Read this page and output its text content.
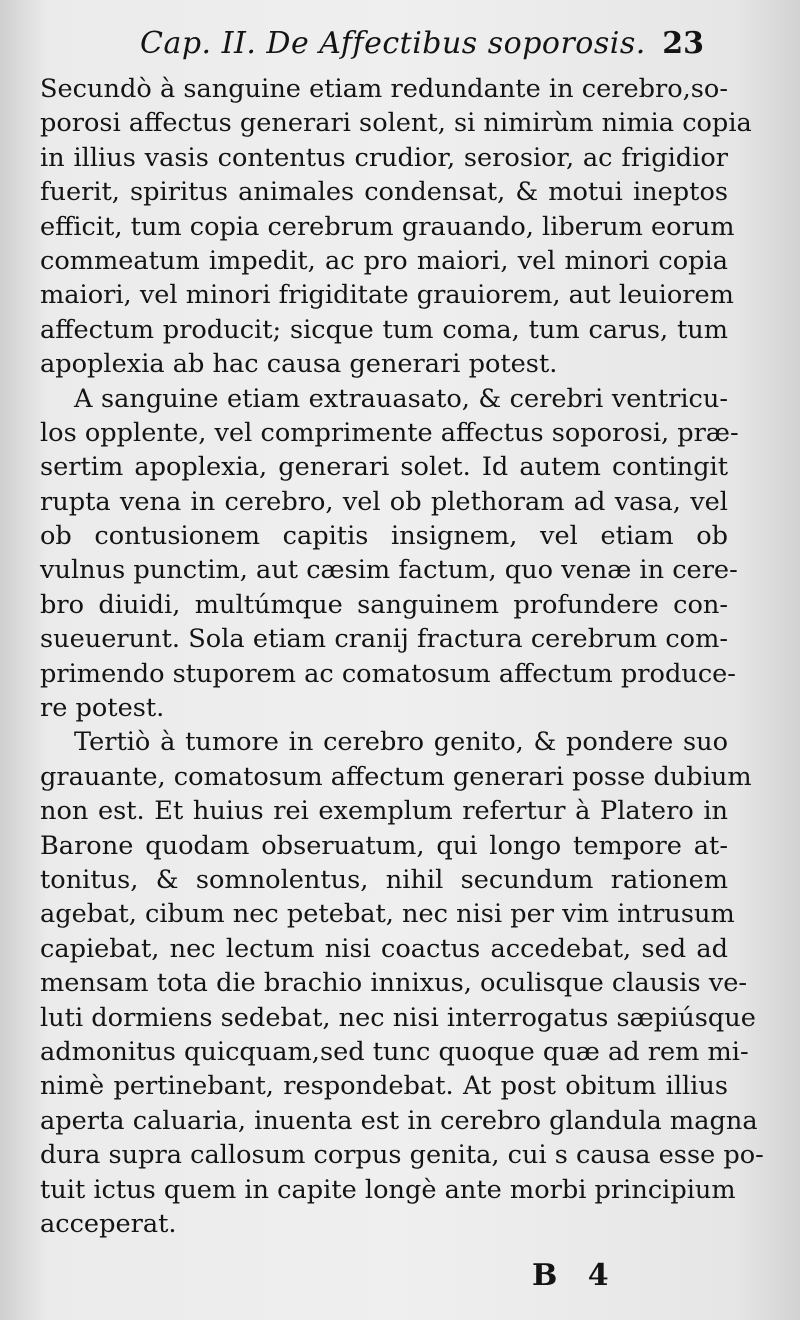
Cap. II. De Affectibus soporosis. 23
Secundò à sanguine etiam redundante in cerebro,so-
porosi affectus generari solent, si nimirùm nimia copia
in illius vasis contentus crudior, serosior, ac frigidior
fuerit, spiritus animales condensat, & motui ineptos
efficit, tum copia cerebrum grauando, liberum eorum
commeatum impedit, ac pro maiori, vel minori copia
maiori, vel minori frigiditate grauiorem, aut leuiorem
affectum producit; sicque tum coma, tum carus, tum
apoplexia ab hac causa generari potest.
A sanguine etiam extrauasato, & cerebri ventricu-
los opplente, vel comprimente affectus soporosi, præ-
sertim apoplexia, generari solet. Id autem contingit
rupta vena in cerebro, vel ob plethoram ad vasa, vel
ob contusionem capitis insignem, vel etiam ob
vulnus punctim, aut cæsim factum, quo venæ in cere-
bro diuidi, multúmque sanguinem profundere con-
sueuerunt. Sola etiam cranij fractura cerebrum com-
primendo stuporem ac comatosum affectum produce-
re potest.
Tertiò à tumore in cerebro genito, & pondere suo
grauante, comatosum affectum generari posse dubium
non est. Et huius rei exemplum refertur à Platero in
Barone quodam obseruatum, qui longo tempore at-
tonitus, & somnolentus, nihil secundum rationem
agebat, cibum nec petebat, nec nisi per vim intrusum
capiebat, nec lectum nisi coactus accedebat, sed ad
mensam tota die brachio innixus, oculisque clausis ve-
luti dormiens sedebat, nec nisi interrogatus sæpiúsque
admonitus quicquam,sed tunc quoque quæ ad rem mi-
nimè pertinebant, respondebat. At post obitum illius
aperta caluaria, inuenta est in cerebro glandula magna
dura supra callosum corpus genita, cui s causa esse po-
tuit ictus quem in capite longè ante morbi principium
acceperat.
B 4
